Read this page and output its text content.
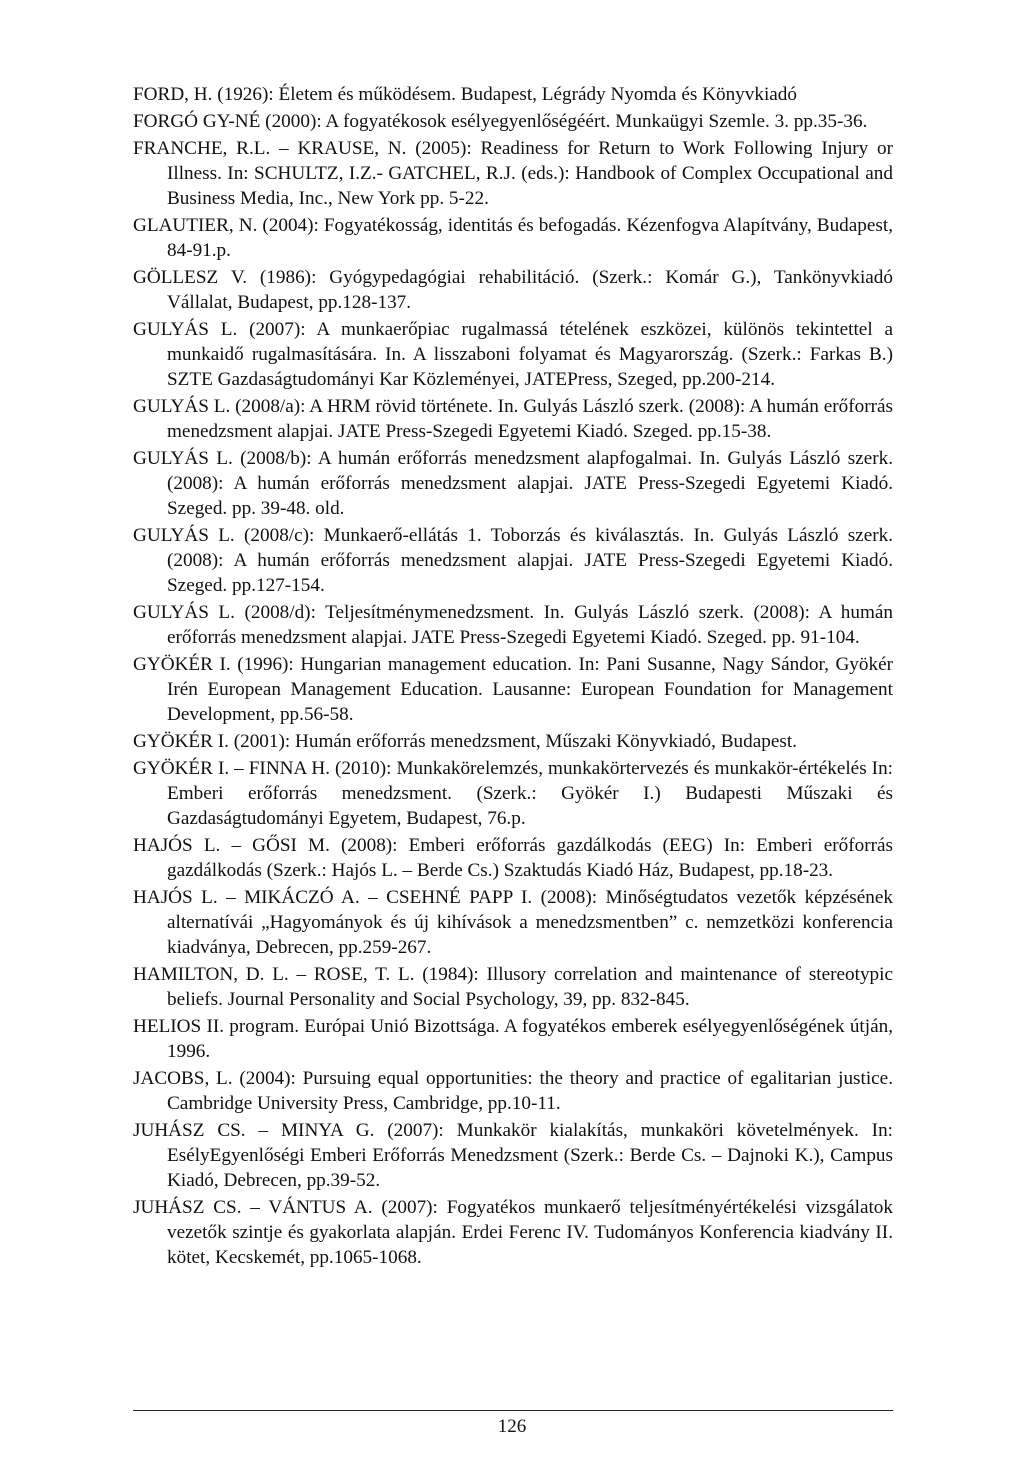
FORD, H. (1926): Életem és működésem. Budapest, Légrády Nyomda és Könyvkiadó

FORGÓ GY-NÉ (2000): A fogyatékosok esélyegyenlőségéért. Munkaügyi Szemle. 3. pp.35-36.

FRANCHE, R.L. – KRAUSE, N. (2005): Readiness for Return to Work Following Injury or Illness. In: SCHULTZ, I.Z.- GATCHEL, R.J. (eds.): Handbook of Complex Occupational and Business Media, Inc., New York pp. 5-22.

GLAUTIER, N. (2004): Fogyatékosság, identitás és befogadás. Kézenfogva Alapítvány, Budapest, 84-91.p.

GÖLLESZ V. (1986): Gyógypedagógiai rehabilitáció. (Szerk.: Komár G.), Tankönyvkiadó Vállalat, Budapest, pp.128-137.

GULYÁS L. (2007): A munkaerőpiac rugalmassá tételének eszközei, különös tekintettel a munkaidő rugalmasítására. In. A lisszaboni folyamat és Magyarország. (Szerk.: Farkas B.) SZTE Gazdaságtudományi Kar Közleményei, JATEPress, Szeged, pp.200-214.

GULYÁS L. (2008/a): A HRM rövid története. In. Gulyás László szerk. (2008): A humán erőforrás menedzsment alapjai. JATE Press-Szegedi Egyetemi Kiadó. Szeged. pp.15-38.

GULYÁS L. (2008/b): A humán erőforrás menedzsment alapfogalmai. In. Gulyás László szerk. (2008): A humán erőforrás menedzsment alapjai. JATE Press-Szegedi Egyetemi Kiadó. Szeged. pp. 39-48. old.

GULYÁS L. (2008/c): Munkaerő-ellátás 1. Toborzás és kiválasztás. In. Gulyás László szerk. (2008): A humán erőforrás menedzsment alapjai. JATE Press-Szegedi Egyetemi Kiadó. Szeged. pp.127-154.

GULYÁS L. (2008/d): Teljesítménymenedzsment. In. Gulyás László szerk. (2008): A humán erőforrás menedzsment alapjai. JATE Press-Szegedi Egyetemi Kiadó. Szeged. pp. 91-104.

GYÖKÉR I. (1996): Hungarian management education. In: Pani Susanne, Nagy Sándor, Gyökér Irén European Management Education. Lausanne: European Foundation for Management Development, pp.56-58.

GYÖKÉR I. (2001): Humán erőforrás menedzsment, Műszaki Könyvkiadó, Budapest.

GYÖKÉR I. – FINNA H. (2010): Munkakörelemzés, munkakörtervezés és munkakör-értékelés In: Emberi erőforrás menedzsment. (Szerk.: Gyökér I.) Budapesti Műszaki és Gazdaságtudományi Egyetem, Budapest, 76.p.

HAJÓS L. – GŐSI M. (2008): Emberi erőforrás gazdálkodás (EEG) In: Emberi erőforrás gazdálkodás (Szerk.: Hajós L. – Berde Cs.) Szaktudás Kiadó Ház, Budapest, pp.18-23.

HAJÓS L. – MIKÁCZÓ A. – CSEHNÉ PAPP I. (2008): Minőségtudatos vezetők képzésének alternatívái „Hagyományok és új kihívások a menedzsmentben” c. nemzetközi konferencia kiadványa, Debrecen, pp.259-267.

HAMILTON, D. L. – ROSE, T. L. (1984): Illusory correlation and maintenance of stereotypic beliefs. Journal Personality and Social Psychology, 39, pp. 832-845.

HELIOS II. program. Európai Unió Bizottsága. A fogyatékos emberek esélyegyenlőségének útján, 1996.

JACOBS, L. (2004): Pursuing equal opportunities: the theory and practice of egalitarian justice. Cambridge University Press, Cambridge, pp.10-11.

JUHÁSZ CS. – MINYA G. (2007): Munkakör kialakítás, munkaköri követelmények. In: EsélyEgyenlőségi Emberi Erőforrás Menedzsment (Szerk.: Berde Cs. – Dajnoki K.), Campus Kiadó, Debrecen, pp.39-52.

JUHÁSZ CS. – VÁNTUS A. (2007): Fogyatékos munkaerő teljesítményértékelési vizsgálatok vezetők szintje és gyakorlata alapján. Erdei Ferenc IV. Tudományos Konferencia kiadvány II. kötet, Kecskemét, pp.1065-1068.

126
